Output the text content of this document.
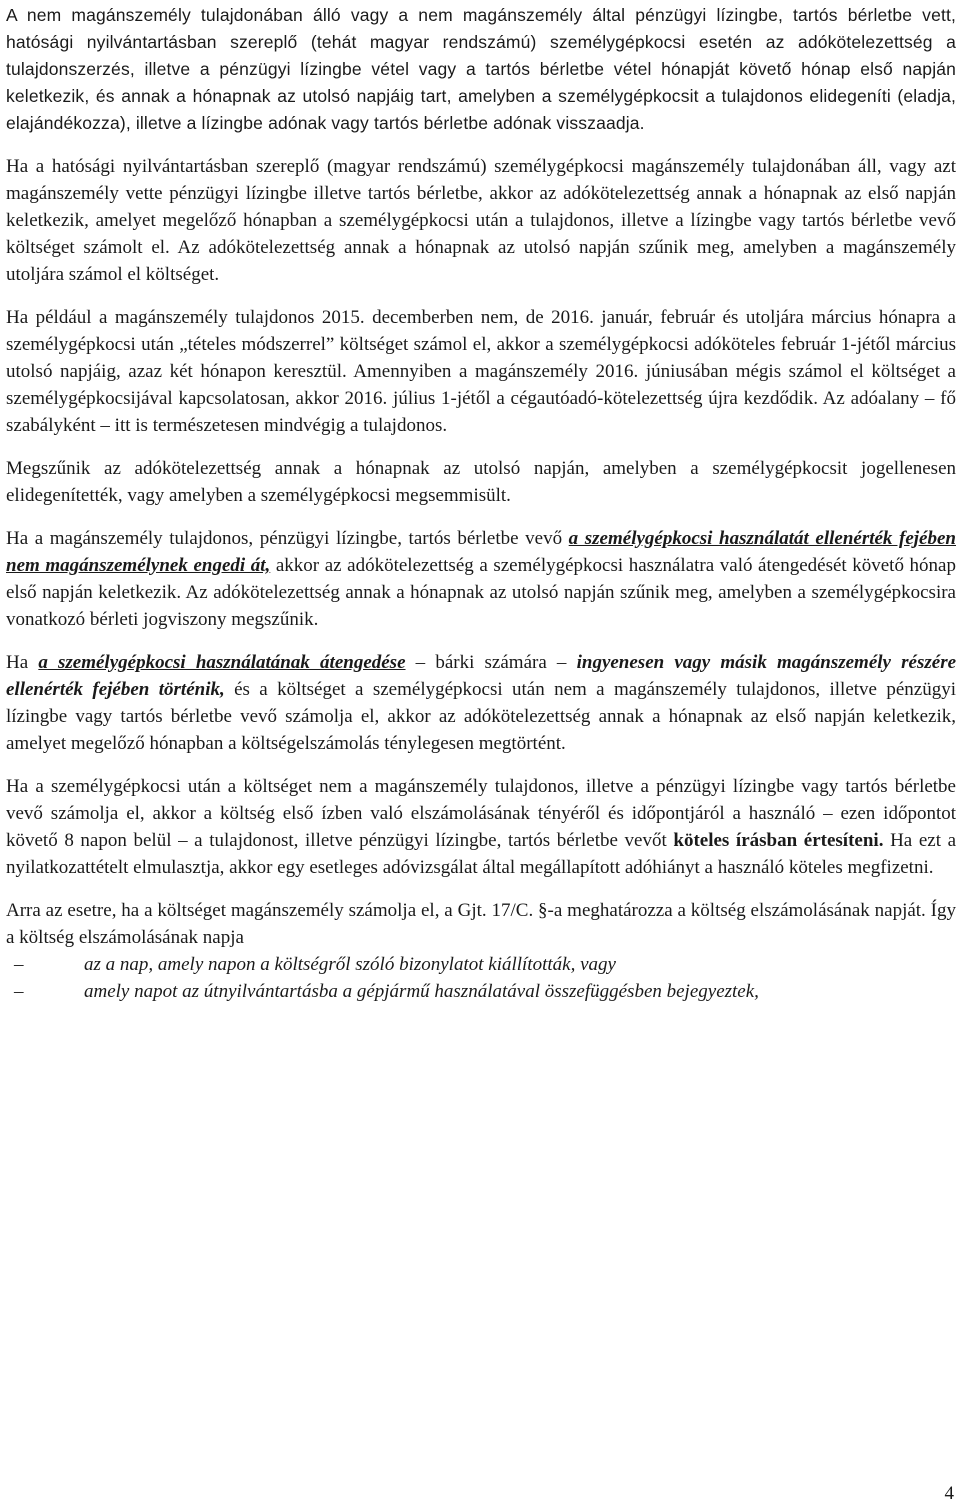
A nem magánszemély tulajdonában álló vagy a nem magánszemély által pénzügyi lízingbe, tartós bérletbe vett, hatósági nyilvántartásban szereplő (tehát magyar rendszámú) személygépkocsi esetén az adókötelezettség a tulajdonszerzés, illetve a pénzügyi lízingbe vétel vagy a tartós bérletbe vétel hónapját követő hónap első napján keletkezik, és annak a hónapnak az utolsó napjáig tart, amelyben a személygépkocsit a tulajdonos elidegeníti (eladja, elajándékozza), illetve a lízingbe adónak vagy tartós bérletbe adónak visszaadja.

Ha a hatósági nyilvántartásban szereplő (magyar rendszámú) személygépkocsi magánszemély tulajdonában áll, vagy azt magánszemély vette pénzügyi lízingbe illetve tartós bérletbe, akkor az adókötelezettség annak a hónapnak az első napján keletkezik, amelyet megelőző hónapban a személygépkocsi után a tulajdonos, illetve a lízingbe vagy tartós bérletbe vevő költséget számolt el. Az adókötelezettség annak a hónapnak az utolsó napján szűnik meg, amelyben a magánszemély utoljára számol el költséget.

Ha például a magánszemély tulajdonos 2015. decemberben nem, de 2016. január, február és utoljára március hónapra a személygépkocsi után „tételes módszerrel” költséget számol el, akkor a személygépkocsi adóköteles február 1-jétől március utolsó napjáig, azaz két hónapon keresztül. Amennyiben a magánszemély 2016. júniusában mégis számol el költséget a személygépkocsijával kapcsolatosan, akkor 2016. július 1-jétől a cégautóadó-kötelezettség újra kezdődik. Az adóalany – fő szabályként – itt is természetesen mindvégig a tulajdonos.

Megszűnik az adókötelezettség annak a hónapnak az utolsó napján, amelyben a személygépkocsit jogellenesen elidegenítették, vagy amelyben a személygépkocsi megsemmisült.

Ha a magánszemély tulajdonos, pénzügyi lízingbe, tartós bérletbe vevő a személygépkocsi használatát ellenérték fejében nem magánszemélynek engedi át, akkor az adókötelezettség a személygépkocsi használatra való átengedését követő hónap első napján keletkezik. Az adókötelezettség annak a hónapnak az utolsó napján szűnik meg, amelyben a személygépkocsira vonatkozó bérleti jogviszony megszűnik.

Ha a személygépkocsi használatának átengedése – bárki számára – ingyenesen vagy másik magánszemély részére ellenérték fejében történik, és a költséget a személygépkocsi után nem a magánszemély tulajdonos, illetve pénzügyi lízingbe vagy tartós bérletbe vevő számolja el, akkor az adókötelezettség annak a hónapnak az első napján keletkezik, amelyet megelőző hónapban a költségelszámolás ténylegesen megtörtént.

Ha a személygépkocsi után a költséget nem a magánszemély tulajdonos, illetve a pénzügyi lízingbe vagy tartós bérletbe vevő számolja el, akkor a költség első ízben való elszámolásának tényéről és időpontjáról a használó – ezen időpontot követő 8 napon belül – a tulajdonost, illetve pénzügyi lízingbe, tartós bérletbe vevőt köteles írásban értesíteni. Ha ezt a nyilatkozattételt elmulasztja, akkor egy esetleges adóvizsgálat által megállapított adóhiányt a használó köteles megfizetni.

Arra az esetre, ha a költséget magánszemély számolja el, a Gjt. 17/C. §-a meghatározza a költség elszámolásának napját. Így a költség elszámolásának napja

–	az a nap, amely napon a költségről szóló bizonylatot kiállították, vagy
–	amely napot az útnyilvántartásba a gépjármű használatával összefüggésben bejegyeztek,
4
